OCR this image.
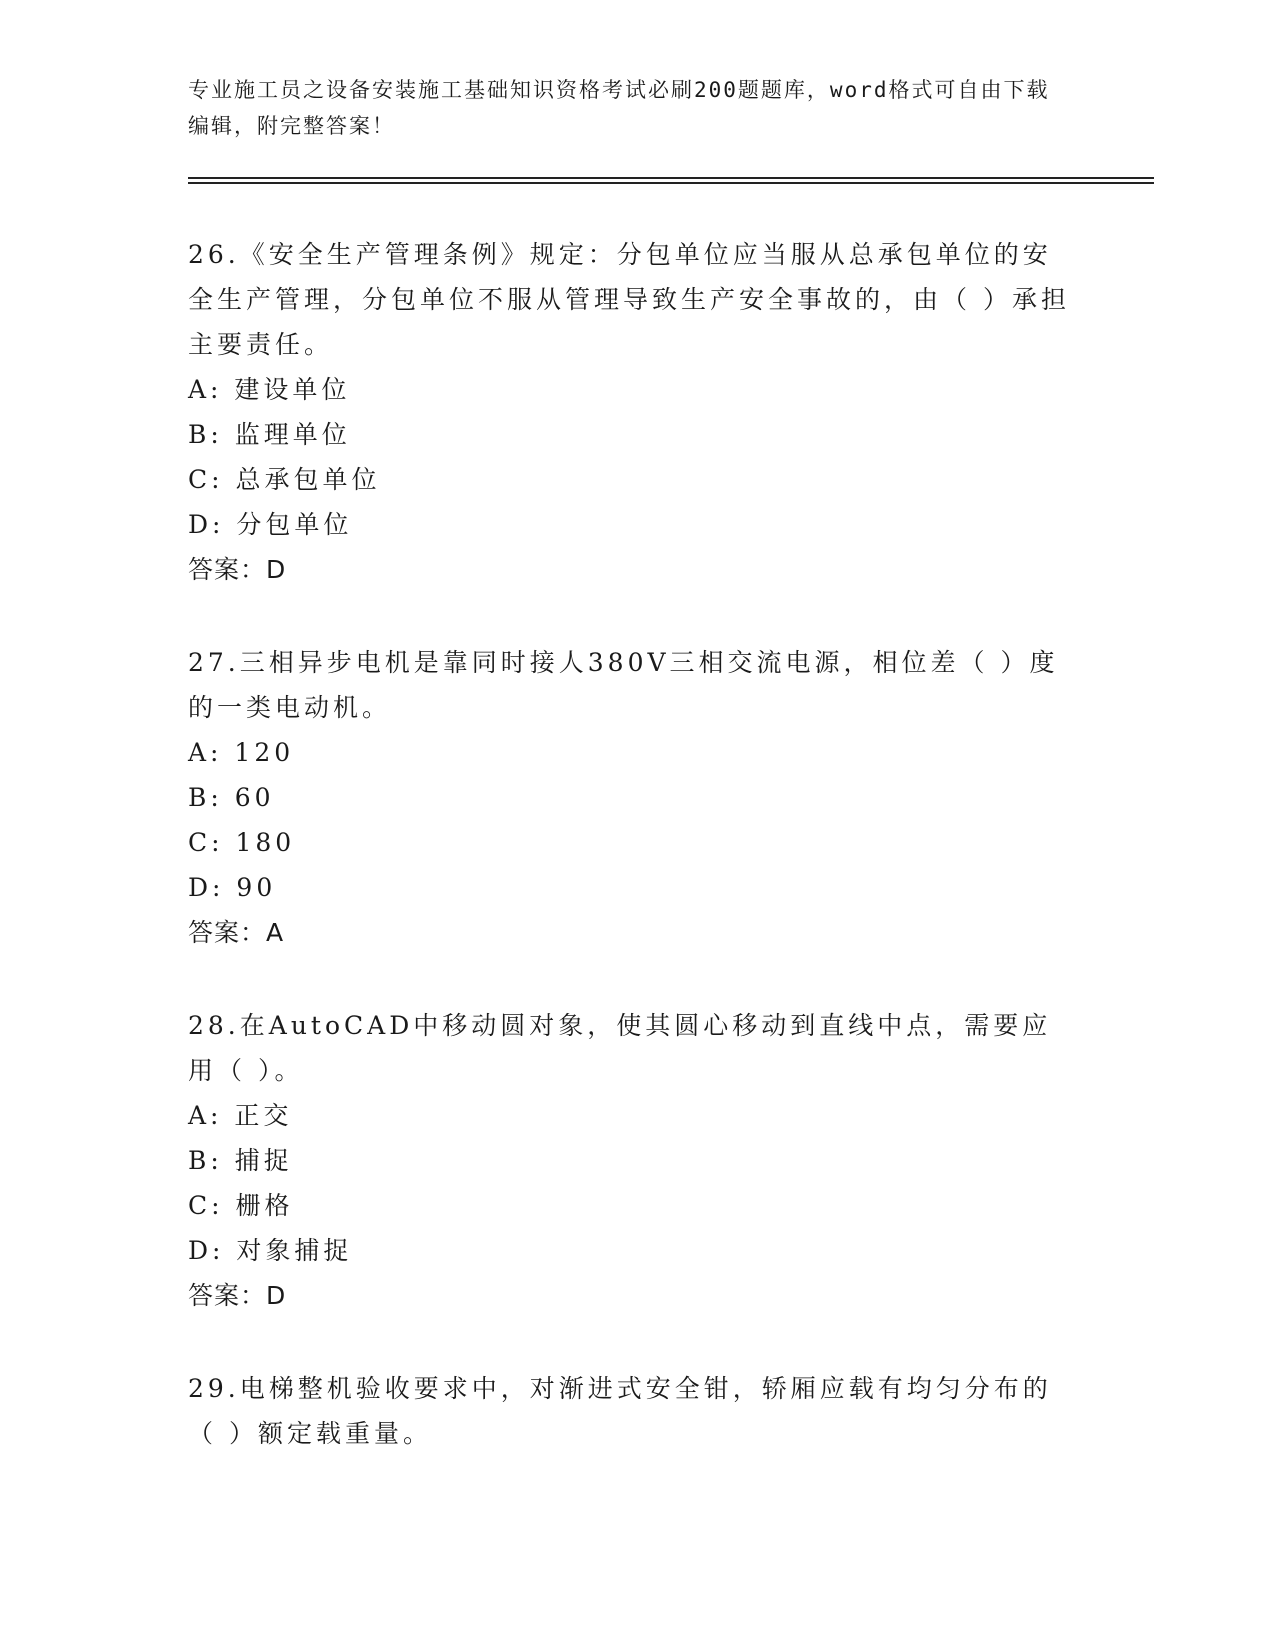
专业施工员之设备安装施工基础知识资格考试必刷200题题库，word格式可自由下载编辑，附完整答案！

26.《安全生产管理条例》规定：分包单位应当服从总承包单位的安全生产管理，分包单位不服从管理导致生产安全事故的，由（ ）承担主要责任。

A: 建设单位
B: 监理单位
C: 总承包单位
D: 分包单位
答案：D

27.三相异步电机是靠同时接人380V三相交流电源，相位差（ ）度的一类电动机。

A: 120
B: 60
C: 180
D: 90
答案：A

28.在AutoCAD中移动圆对象，使其圆心移动到直线中点，需要应用（ ）。

A: 正交
B: 捕捉
C: 栅格
D: 对象捕捉
答案：D

29.电梯整机验收要求中，对渐进式安全钳，轿厢应载有均匀分布的（ ）额定载重量。
